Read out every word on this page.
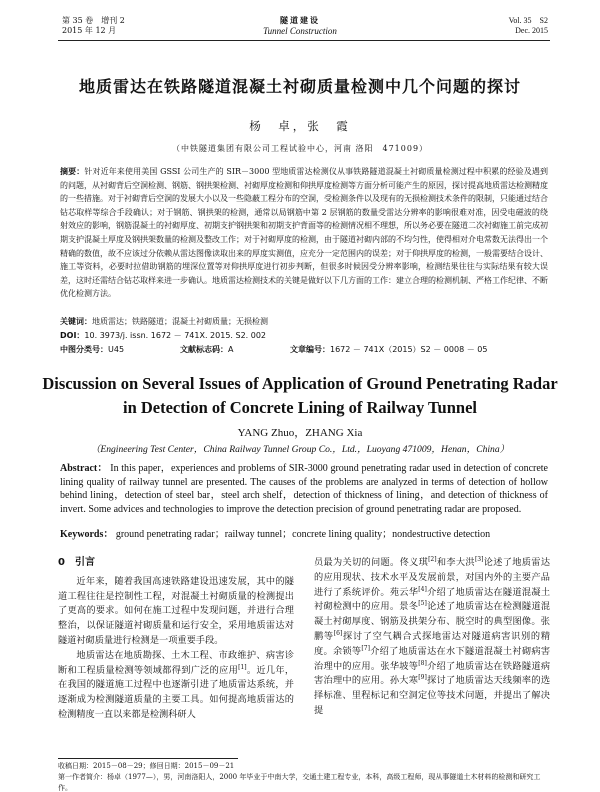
第 35 卷　增刊 2
2015 年 12 月
隧道建设
Tunnel Construction
Vol. 35　S2
Dec. 2015
地质雷达在铁路隧道混凝土衬砌质量检测中几个问题的探讨
杨　卓，张　霞
（中铁隧道集团有限公司工程试验中心，河南 洛阳　471009）
摘要：针对近年来使用美国 GSSI 公司生产的 SIR－3000 型地质雷达检测仪从事铁路隧道混凝土衬砌质量检测过程中积累的经验及遇到的问题，从衬砌背后空洞检测、钢筋、钢拱架检测、衬砌厚度检测和仰拱厚度检测等方面分析可能产生的原因，探讨提高地质雷达检测精度的一些措施。对于衬砌背后空洞的发展大小以及一些隐蔽工程分布的空洞，受检测条件以及现有的无损检测技术条件的限制，只能通过结合钻芯取样等综合手段确认；对于钢筋、钢拱架的检测，通常以局钢筋中第 2 层钢筋的数量受雷达分辨率的影响很难对准，因受电磁波的绕射效应的影响，钢筋混凝土的衬砌厚度、初期支护钢拱架和初期支护背面等的检测情况相不理想，所以务必要在隧道二次衬砌施工前完成初期支护混凝土厚度及钢拱架数量的检测及整改工作；对于衬砌厚度的检测，由于隧道衬砌内部的不均匀性，使得相对介电常数无法得出一个精确的数值，故不应该过分依赖从雷达图像读取出来的厚度实测值，应充分一定范围内的误差；对于仰拱厚度的检测，一般需要结合设计、施工等资料，必要时拉借助钢筋的埋深位置等对仰拱厚度进行初步判断，但很多时候因受分辨率影响，检测结果往往与实际结果有较大误差，这时还需结合钻芯取样来进一步确认。地质雷达检测技术的关键是做好以下几方面的工作：建立合理的检测机制、严格工作纪律、不断优化检测方法。
关键词：地质雷达；铁路隧道；混凝土衬砌质量；无损检测
DOI：10. 3973/j. issn. 1672 － 741X. 2015. S2. 002
中图分类号：U45	文献标志码：A	文章编号：1672 － 741X（2015）S2 － 0008 － 05
Discussion on Several Issues of Application of Ground Penetrating Radar in Detection of Concrete Lining of Railway Tunnel
YANG Zhuo，ZHANG Xia
（Engineering Test Center，China Railway Tunnel Group Co.，Ltd.，Luoyang 471009，Henan，China）
Abstract： In this paper，experiences and problems of SIR-3000 ground penetrating radar used in detection of concrete lining quality of railway tunnel are presented. The causes of the problems are analyzed in terms of detection of hollow behind lining，detection of steel bar，steel arch shelf，detection of thickness of lining，and detection of thickness of invert. Some advices and technologies to improve the detection precision of ground penetrating radar are proposed.
Keywords： ground penetrating radar；railway tunnel；concrete lining quality；nondestructive detection
0　引言

近年来，随着我国高速铁路建设迅速发展，其中的隧道工程往往是控制性工程，对混凝土衬砌质量的检测提出了更高的要求。如何在施工过程中发现问题，并进行合理整治，以保证隧道衬砌质量和运行安全，采用地质雷达对隧道衬砌质量进行检测是一项重要手段。

地质雷达在地质勘探、土木工程、市政维护、病害诊断和工程质量检测等领域都得到广泛的应用[1]。近几年，在我国的隧道施工过程中也逐渐引进了地质雷达系统，并逐渐成为检测隧道质量的主要工具。如何提高地质雷达的检测精度一直以来都是检测科研人

员最为关切的问题。佟义琪[2]和李大洪[3]论述了地质雷达的应用现状、技术水平及发展前景，对国内外的主要产品进行了系统评价。苑云华[4]介绍了地质雷达在隧道混凝土衬砌检测中的应用。景冬[5]论述了地质雷达在检测隧道混凝土衬砌厚度、钢筋及拱架分布、脱空时的典型图像。张鹏等[6]探讨了空气耦合式探地雷达对隧道病害识别的精度。余锁等[7]介绍了地质雷达在水下隧道混凝土衬砌病害治理中的应用。张华坡等[8]介绍了地质雷达在铁路隧道病害治理中的应用。孙大寒[9]探讨了地质雷达天线频率的选择标准、里程标记和空洞定位等技术问题，并提出了解决提

收稿日期：2015－08－29；修回日期：2015－09－21
第一作者简介：杨卓（1977—），男，河南洛阳人，2000 年毕业于中南大学，交通土建工程专业，本科，高级工程师，现从事隧道土木材料的检测和研究工作。
